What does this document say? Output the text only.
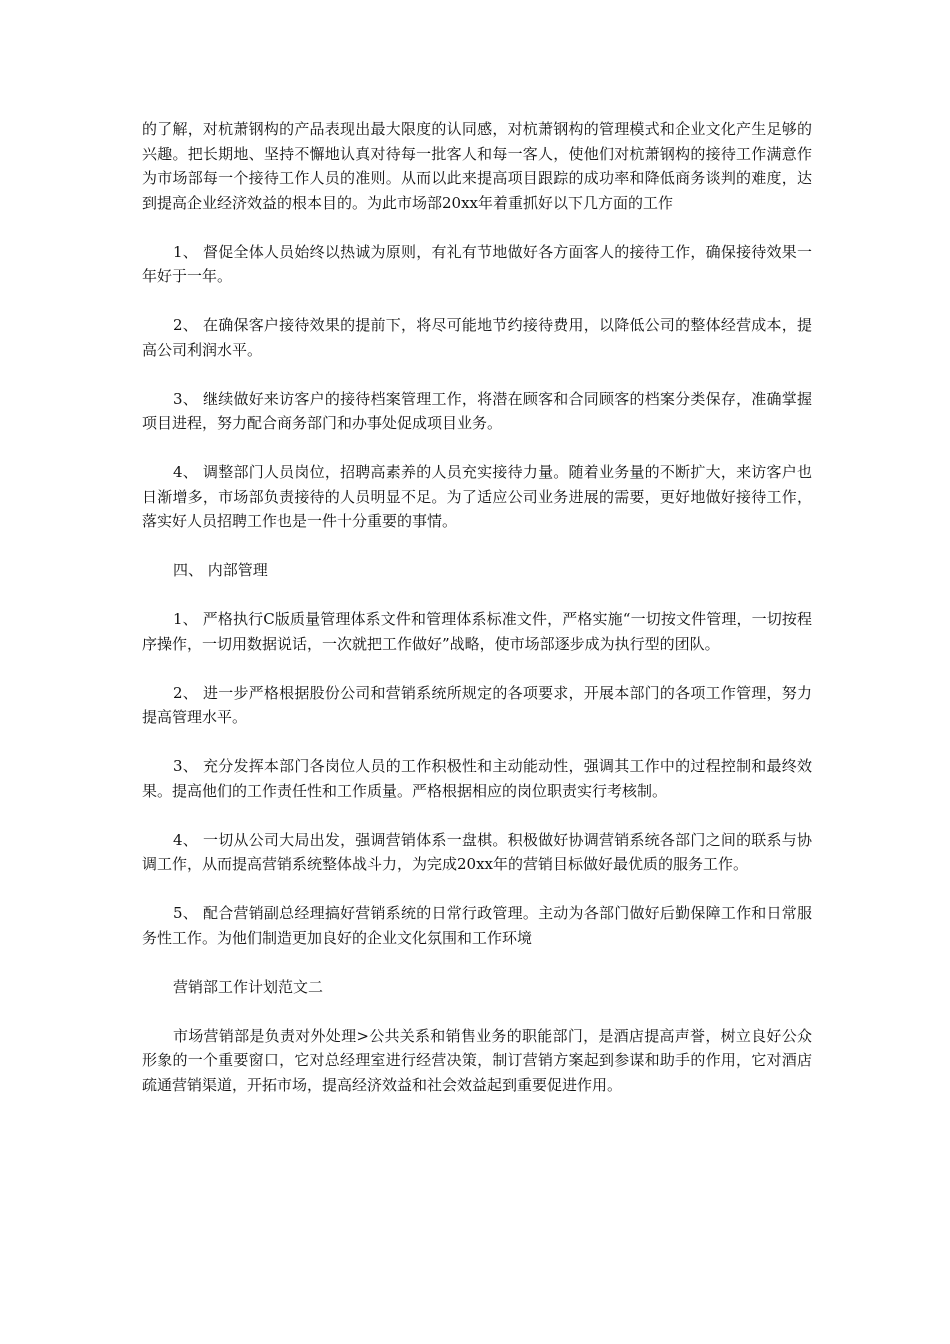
的了解，对杭萧钢构的产品表现出最大限度的认同感，对杭萧钢构的管理模式和企业文化产生足够的兴趣。把长期地、坚持不懈地认真对待每一批客人和每一客人，使他们对杭萧钢构的接待工作满意作为市场部每一个接待工作人员的准则。从而以此来提高项目跟踪的成功率和降低商务谈判的难度，达到提高企业经济效益的根本目的。为此市场部20xx年着重抓好以下几方面的工作

1、 督促全体人员始终以热诚为原则，有礼有节地做好各方面客人的接待工作，确保接待效果一年好于一年。

2、 在确保客户接待效果的提前下，将尽可能地节约接待费用，以降低公司的整体经营成本，提高公司利润水平。

3、 继续做好来访客户的接待档案管理工作，将潜在顾客和合同顾客的档案分类保存，准确掌握项目进程，努力配合商务部门和办事处促成项目业务。

4、 调整部门人员岗位，招聘高素养的人员充实接待力量。随着业务量的不断扩大，来访客户也日渐增多，市场部负责接待的人员明显不足。为了适应公司业务进展的需要，更好地做好接待工作，落实好人员招聘工作也是一件十分重要的事情。

四、 内部管理

1、 严格执行C版质量管理体系文件和管理体系标准文件，严格实施“一切按文件管理，一切按程序操作，一切用数据说话，一次就把工作做好”战略，使市场部逐步成为执行型的团队。

2、 进一步严格根据股份公司和营销系统所规定的各项要求，开展本部门的各项工作管理，努力提高管理水平。

3、 充分发挥本部门各岗位人员的工作积极性和主动能动性，强调其工作中的过程控制和最终效果。提高他们的工作责任性和工作质量。严格根据相应的岗位职责实行考核制。

4、 一切从公司大局出发，强调营销体系一盘棋。积极做好协调营销系统各部门之间的联系与协调工作，从而提高营销系统整体战斗力，为完成20xx年的营销目标做好最优质的服务工作。

5、 配合营销副总经理搞好营销系统的日常行政管理。主动为各部门做好后勤保障工作和日常服务性工作。为他们制造更加良好的企业文化氛围和工作环境

营销部工作计划范文二

市场营销部是负责对外处理>公共关系和销售业务的职能部门，是酒店提高声誉，树立良好公众形象的一个重要窗口，它对总经理室进行经营决策，制订营销方案起到参谋和助手的作用，它对酒店疏通营销渠道，开拓市场，提高经济效益和社会效益起到重要促进作用。
